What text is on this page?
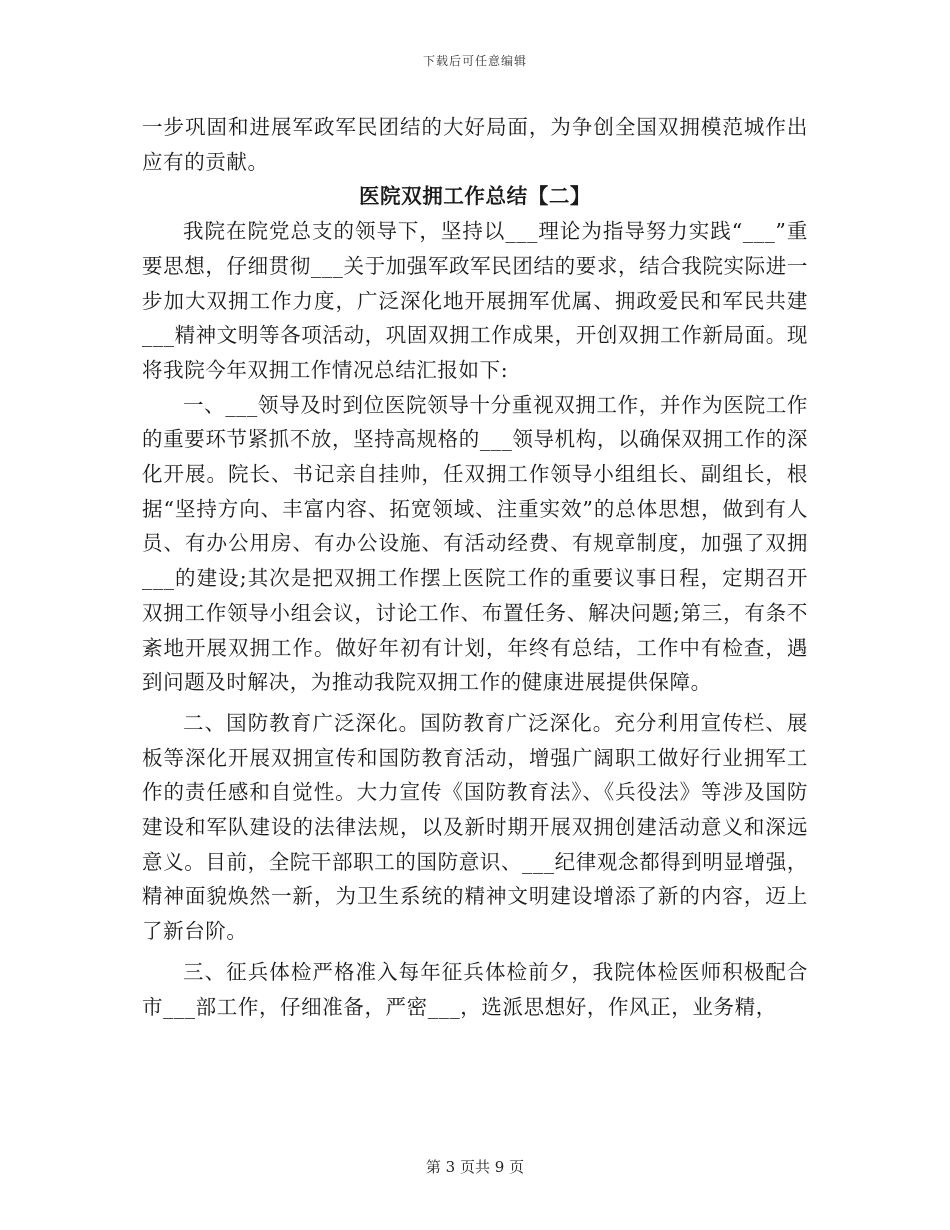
下载后可任意编辑

一步巩固和进展军政军民团结的大好局面，为争创全国双拥模范城作出应有的贡献。

医院双拥工作总结【二】

我院在院党总支的领导下，坚持以___理论为指导努力实践“___”重要思想，仔细贯彻___关于加强军政军民团结的要求，结合我院实际进一步加大双拥工作力度，广泛深化地开展拥军优属、拥政爱民和军民共建___精神文明等各项活动，巩固双拥工作成果，开创双拥工作新局面。现将我院今年双拥工作情况总结汇报如下:

一、___领导及时到位医院领导十分重视双拥工作，并作为医院工作的重要环节紧抓不放，坚持高规格的___领导机构，以确保双拥工作的深化开展。院长、书记亲自挂帅，任双拥工作领导小组组长、副组长，根据“坚持方向、丰富内容、拓宽领域、注重实效”的总体思想，做到有人员、有办公用房、有办公设施、有活动经费、有规章制度，加强了双拥___的建设;其次是把双拥工作摆上医院工作的重要议事日程，定期召开双拥工作领导小组会议，讨论工作、布置任务、解决问题;第三，有条不紊地开展双拥工作。做好年初有计划，年终有总结，工作中有检查，遇到问题及时解决，为推动我院双拥工作的健康进展提供保障。

二、国防教育广泛深化。国防教育广泛深化。充分利用宣传栏、展板等深化开展双拥宣传和国防教育活动，增强广阔职工做好行业拥军工作的责任感和自觉性。大力宣传《国防教育法》、《兵役法》等涉及国防建设和军队建设的法律法规，以及新时期开展双拥创建活动意义和深远意义。目前，全院干部职工的国防意识、___纪律观念都得到明显增强，精神面貌焕然一新，为卫生系统的精神文明建设增添了新的内容，迈上了新台阶。

三、征兵体检严格准入每年征兵体检前夕，我院体检医师积极配合市___部工作，仔细准备，严密___，选派思想好，作风正，业务精，

第 3 页共 9 页
